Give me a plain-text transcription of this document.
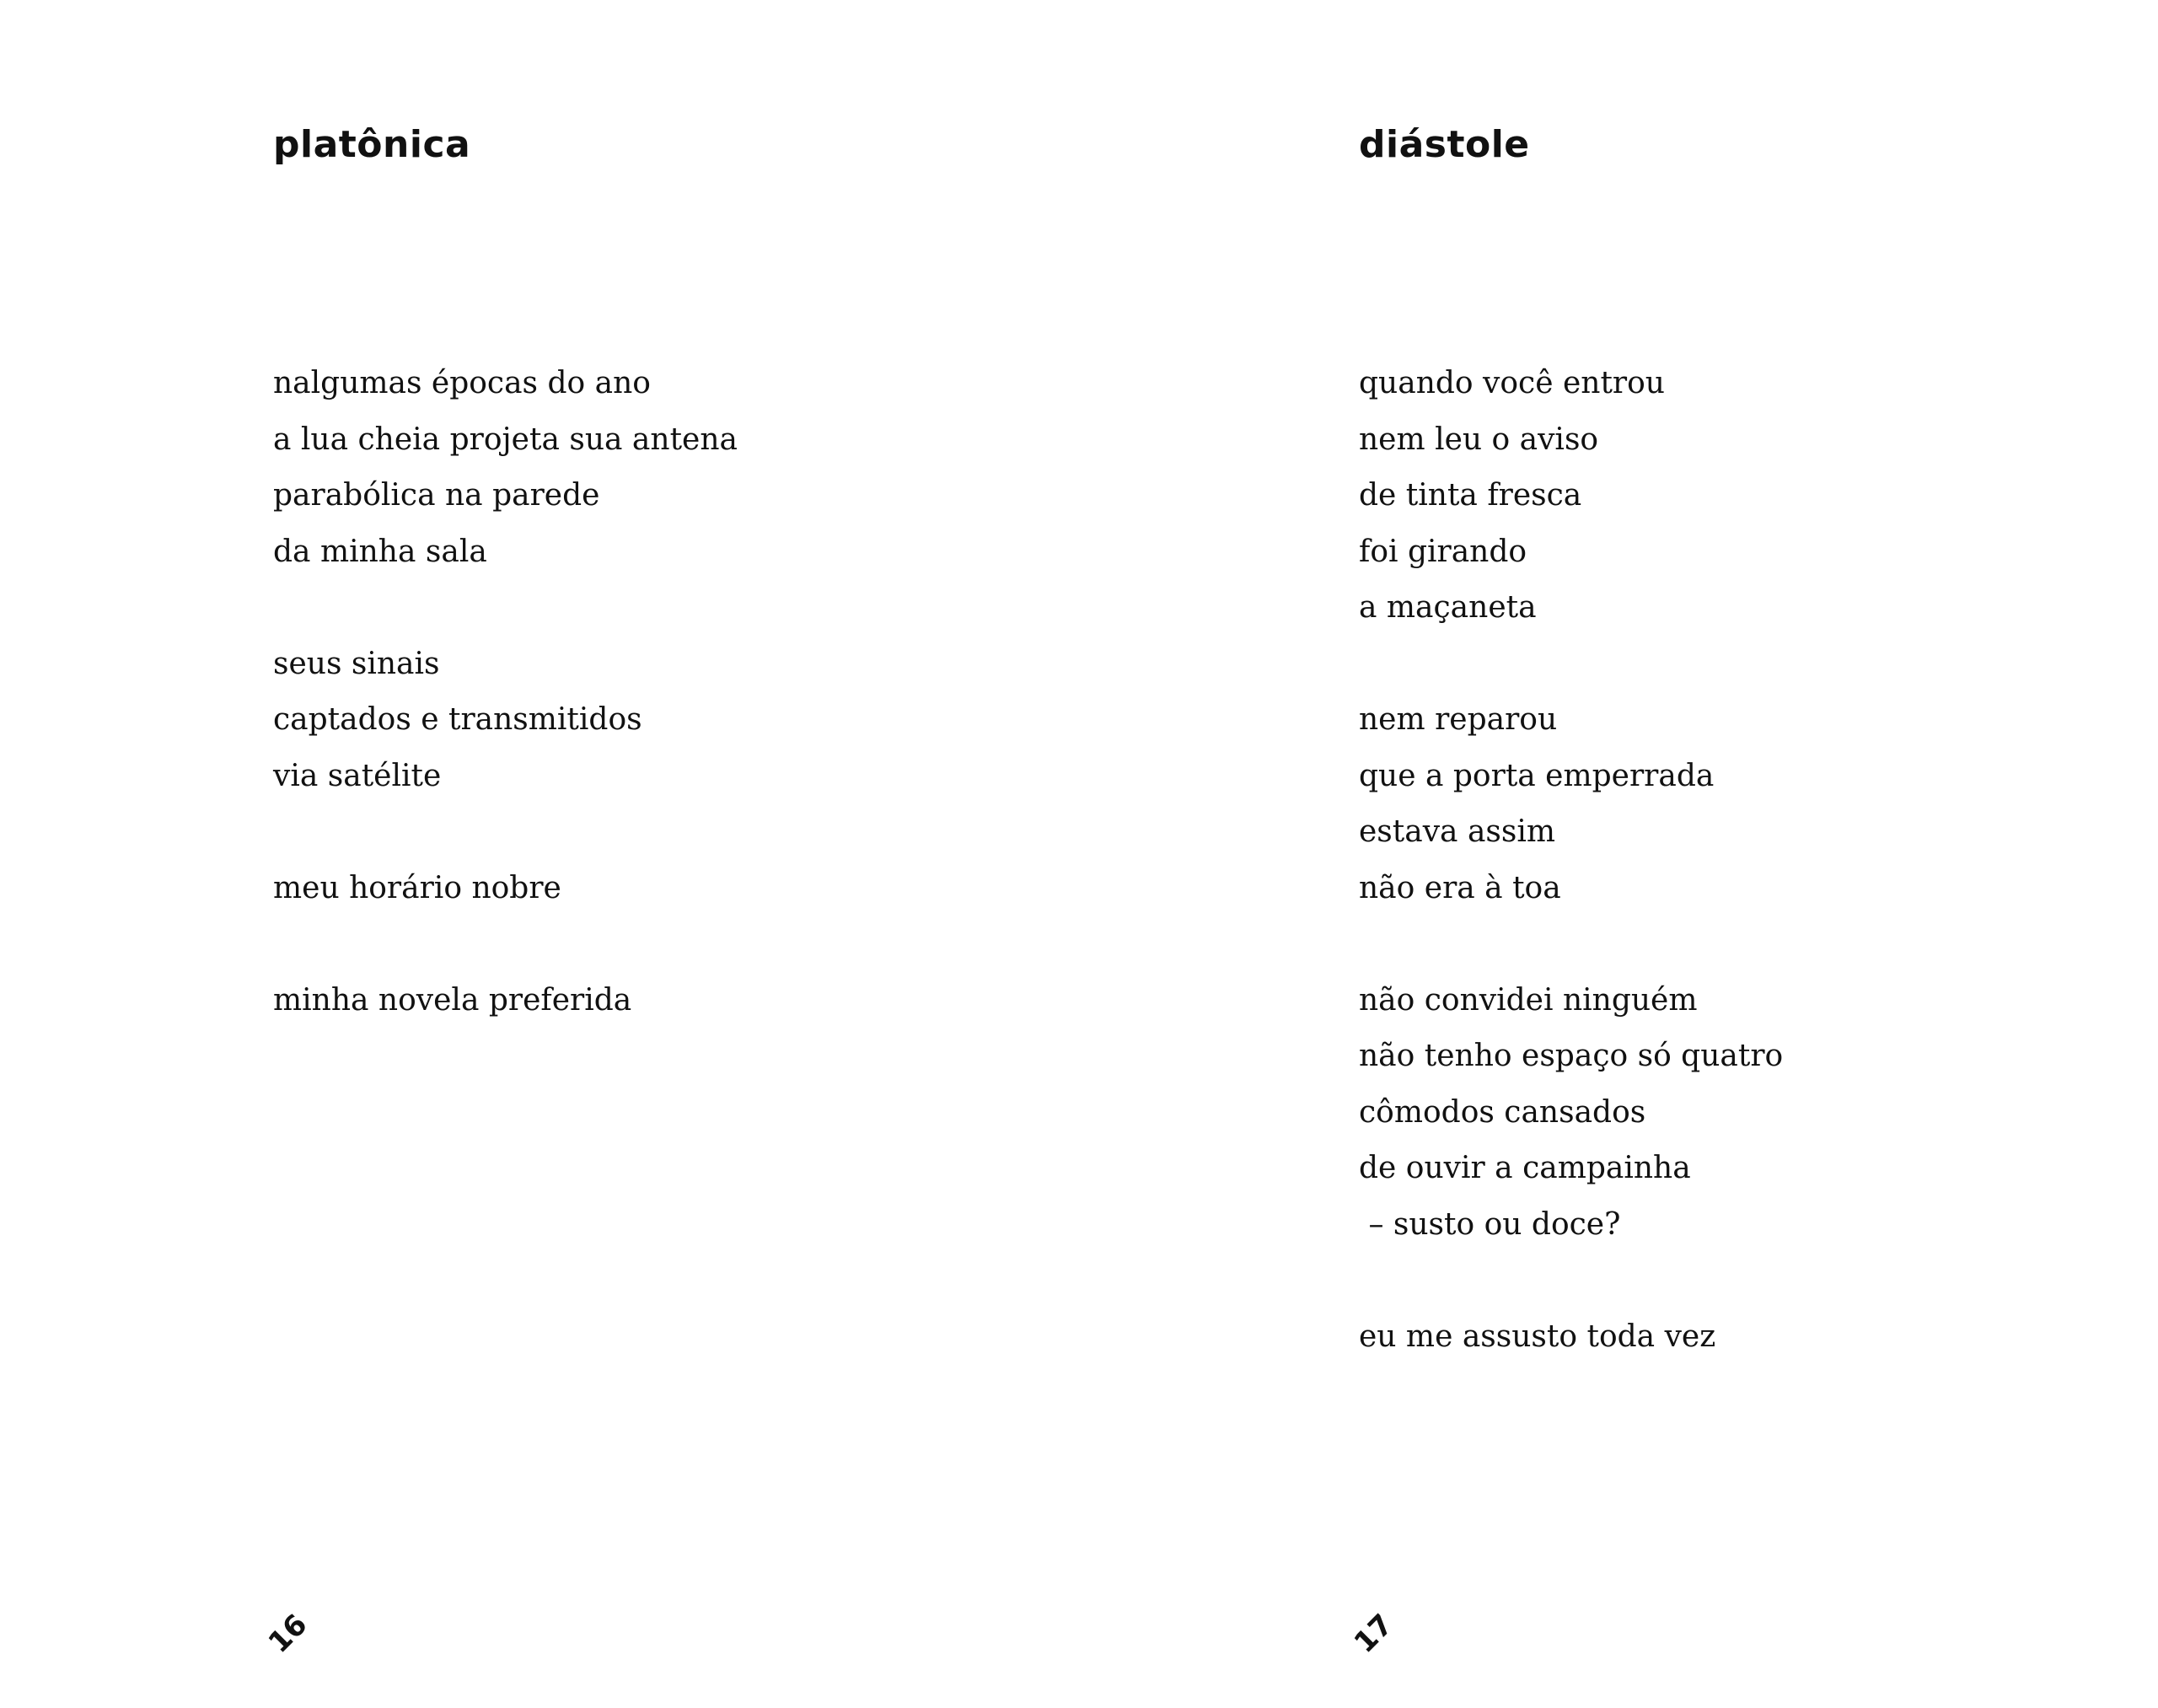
platônica
nalgumas épocas do ano
a lua cheia projeta sua antena
parabólica na parede
da minha sala
seus sinais
captados e transmitidos
via satélite
meu horário nobre
minha novela preferida
16
diástole
quando você entrou
nem leu o aviso
de tinta fresca
foi girando
a maçaneta
nem reparou
que a porta emperrada
estava assim
não era à toa
não convidei ninguém
não tenho espaço só quatro
cômodos cansados
de ouvir a campainha
– susto ou doce?
eu me assusto toda vez
17
